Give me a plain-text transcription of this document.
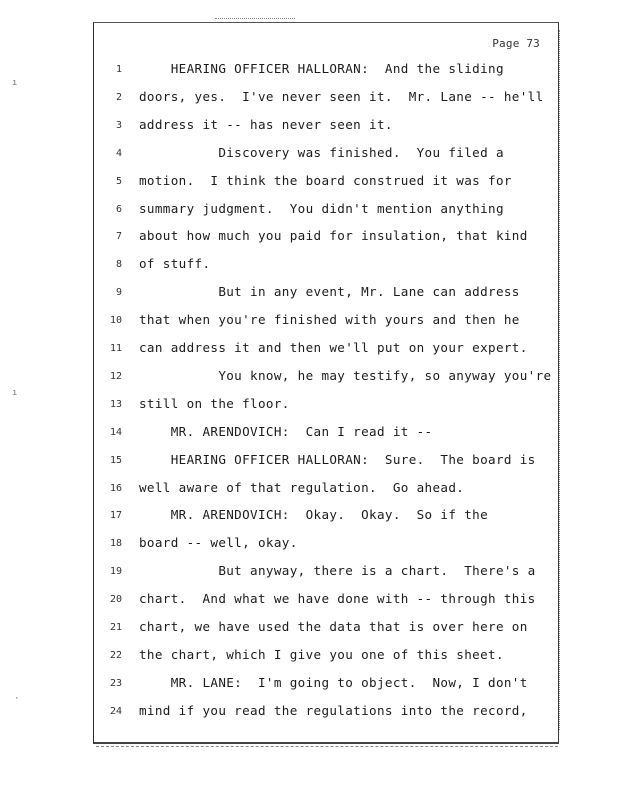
Page 73
1 HEARING OFFICER HALLORAN:  And the sliding
2 doors, yes.  I've never seen it.  Mr. Lane -- he'll
3 address it -- has never seen it.
4 Discovery was finished.  You filed a
5 motion.  I think the board construed it was for
6 summary judgment.  You didn't mention anything
7 about how much you paid for insulation, that kind
8 of stuff.
9 But in any event, Mr. Lane can address
10 that when you're finished with yours and then he
11 can address it and then we'll put on your expert.
12 You know, he may testify, so anyway you're
13 still on the floor.
14 MR. ARENDOVICH:  Can I read it --
15 HEARING OFFICER HALLORAN:  Sure.  The board is
16 well aware of that regulation.  Go ahead.
17 MR. ARENDOVICH:  Okay.  Okay.  So if the
18 board -- well, okay.
19 But anyway, there is a chart.  There's a
20 chart.  And what we have done with -- through this
21 chart, we have used the data that is over here on
22 the chart, which I give you one of this sheet.
23 MR. LANE:  I'm going to object.  Now, I don't
24 mind if you read the regulations into the record,
ı
ı
·
